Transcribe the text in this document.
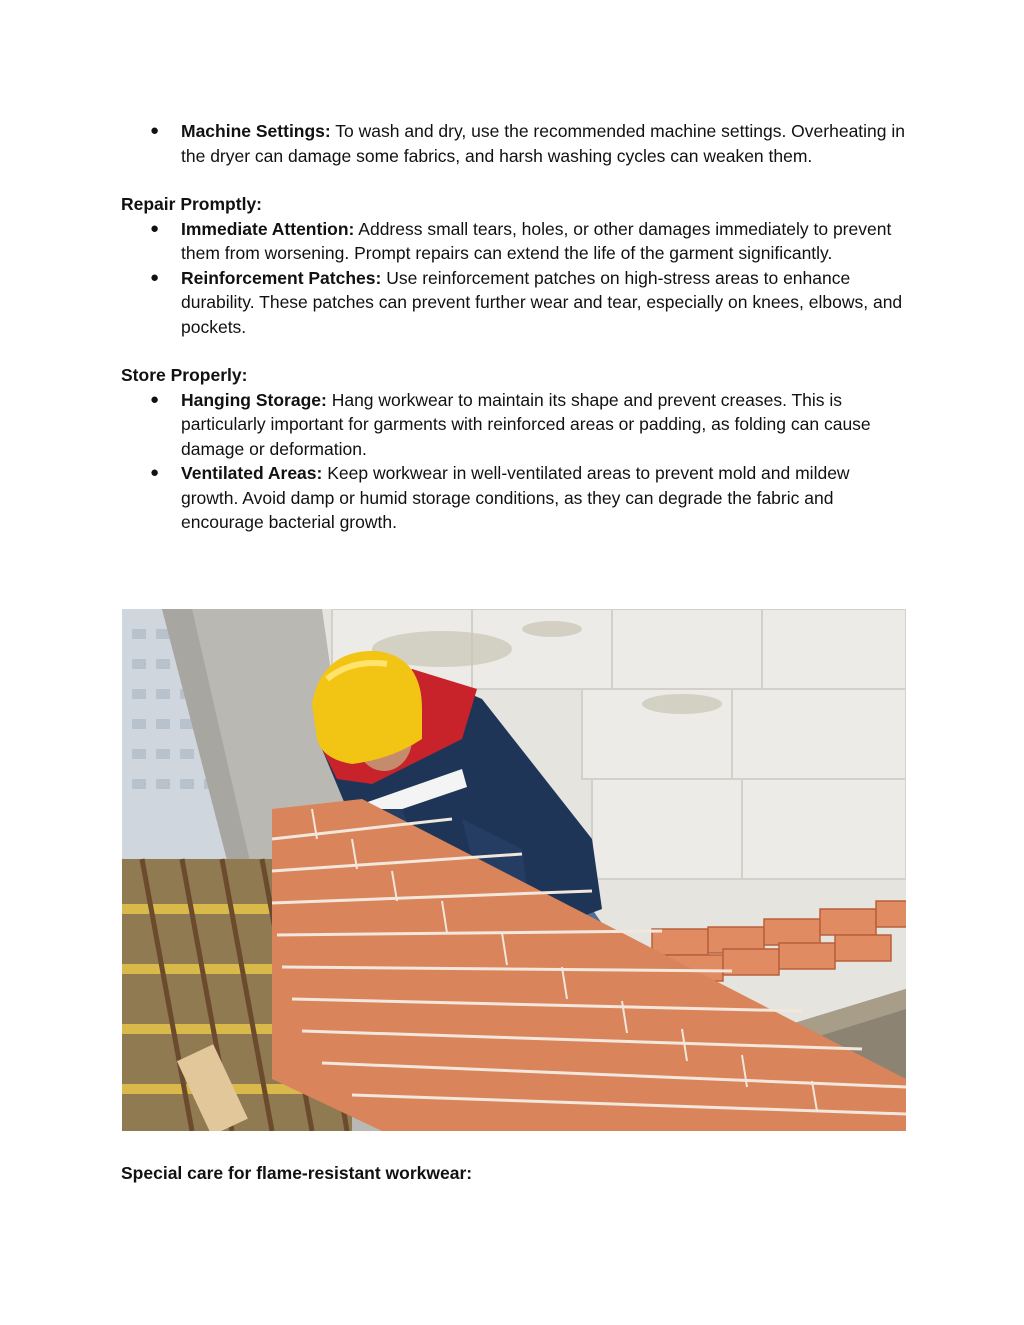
● Machine Settings: To wash and dry, use the recommended machine settings. Overheating in the dryer can damage some fabrics, and harsh washing cycles can weaken them.

Repair Promptly:

● Immediate Attention: Address small tears, holes, or other damages immediately to prevent them from worsening. Prompt repairs can extend the life of the garment significantly.
● Reinforcement Patches: Use reinforcement patches on high-stress areas to enhance durability. These patches can prevent further wear and tear, especially on knees, elbows, and pockets.

Store Properly:

● Hanging Storage: Hang workwear to maintain its shape and prevent creases. This is particularly important for garments with reinforced areas or padding, as folding can cause damage or deformation.
● Ventilated Areas: Keep workwear in well-ventilated areas to prevent mold and mildew growth. Avoid damp or humid storage conditions, as they can degrade the fabric and encourage bacterial growth.
Special care for flame-resistant workwear:
